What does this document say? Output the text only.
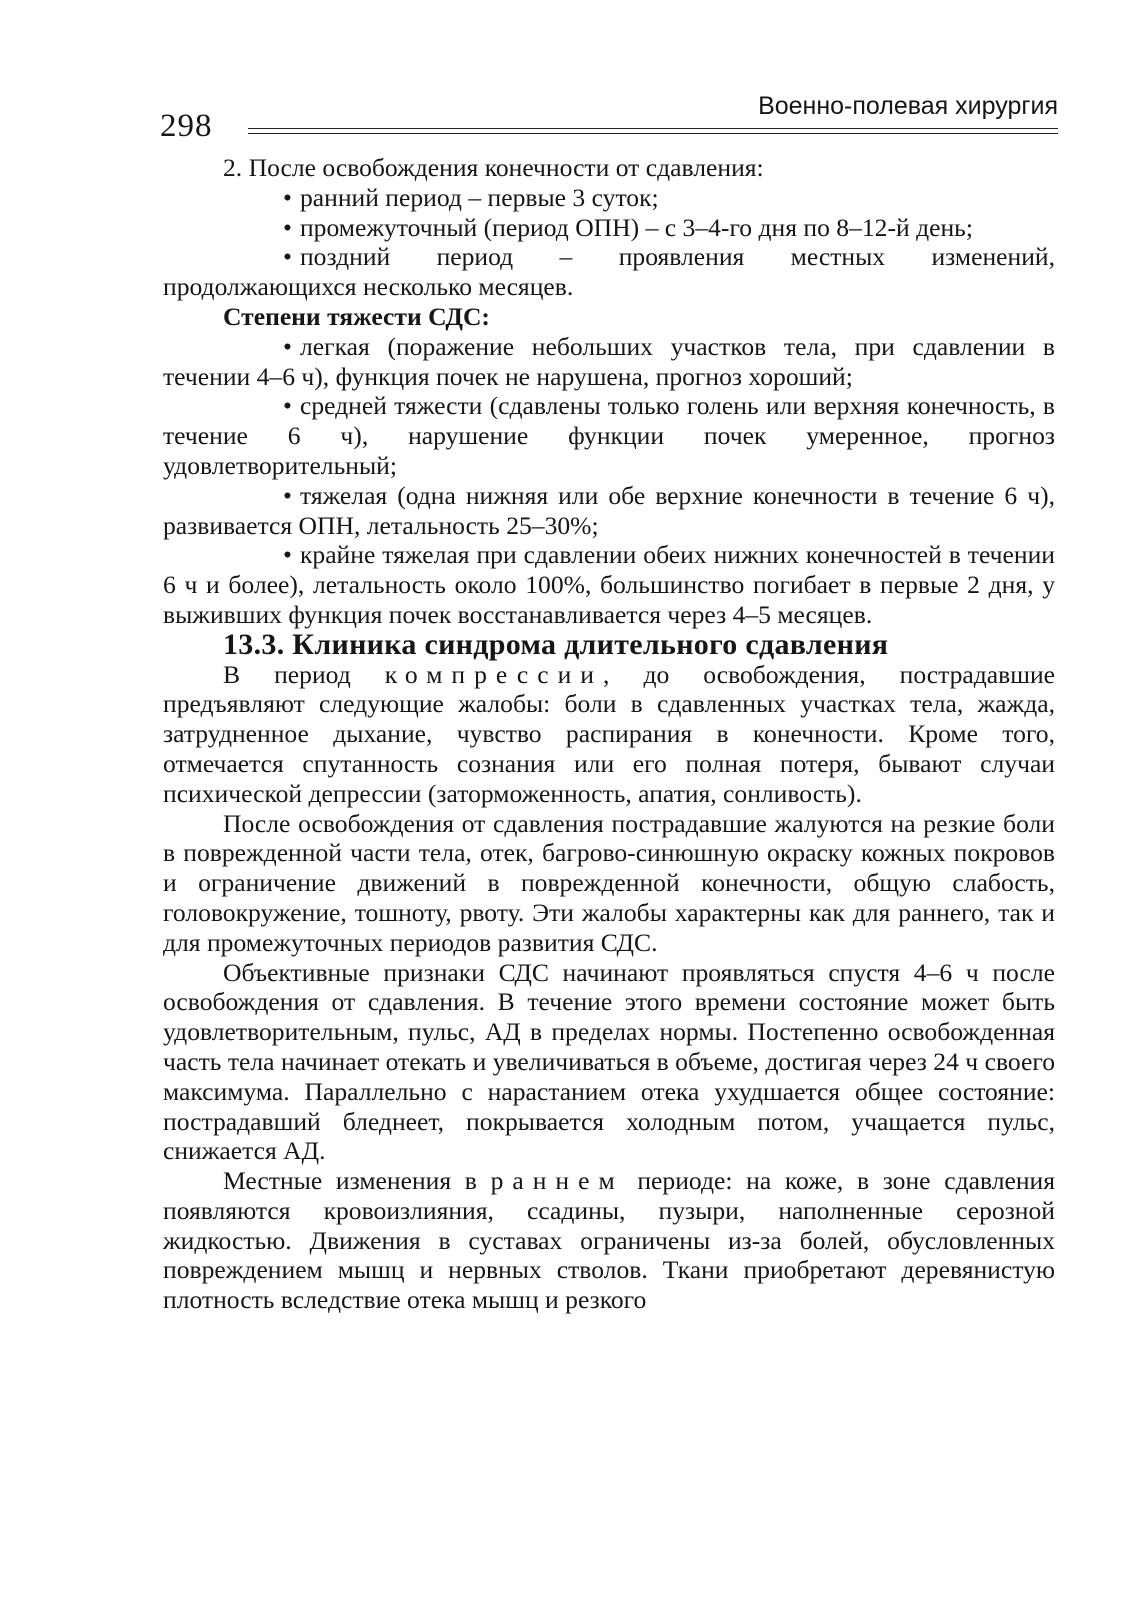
298
Военно-полевая хирургия

2. После освобождения конечности от сдавления:

• ранний период – первые 3 суток;

• промежуточный (период ОПН) – с 3–4-го дня по 8–12-й день;

• поздний период – проявления местных изменений, продолжающихся несколько месяцев.

Степени тяжести СДС:

• легкая (поражение небольших участков тела, при сдавлении в течении 4–6 ч), функция почек не нарушена, прогноз хороший;

• средней тяжести (сдавлены только голень или верхняя конечность, в течение 6 ч), нарушение функции почек умеренное, прогноз удовлетворительный;

• тяжелая (одна нижняя или обе верхние конечности в течение 6 ч), развивается ОПН, летальность 25–30%;

• крайне тяжелая при сдавлении обеих нижних конечностей в течении 6 ч и более), летальность около 100%, большинство погибает в первые 2 дня, у выживших функция почек восстанавливается через 4–5 месяцев.

13.3. Клиника синдрома длительного сдавления

В период компрессии, до освобождения, пострадавшие предъявляют следующие жалобы: боли в сдавленных участках тела, жажда, затрудненное дыхание, чувство распирания в конечности. Кроме того, отмечается спутанность сознания или его полная потеря, бывают случаи психической депрессии (заторможенность, апатия, сонливость).

После освобождения от сдавления пострадавшие жалуются на резкие боли в поврежденной части тела, отек, багрово-синюшную окраску кожных покровов и ограничение движений в поврежденной конечности, общую слабость, головокружение, тошноту, рвоту. Эти жалобы характерны как для раннего, так и для промежуточных периодов развития СДС.

Объективные признаки СДС начинают проявляться спустя 4–6 ч после освобождения от сдавления. В течение этого времени состояние может быть удовлетворительным, пульс, АД в пределах нормы. Постепенно освобожденная часть тела начинает отекать и увеличиваться в объеме, достигая через 24 ч своего максимума. Параллельно с нарастанием отека ухудшается общее состояние: пострадавший бледнеет, покрывается холодным потом, учащается пульс, снижается АД.

Местные изменения в раннем периоде: на коже, в зоне сдавления появляются кровоизлияния, ссадины, пузыри, наполненные серозной жидкостью. Движения в суставах ограничены из-за болей, обусловленных повреждением мышц и нервных стволов. Ткани приобретают деревянистую плотность вследствие отека мышц и резкого
